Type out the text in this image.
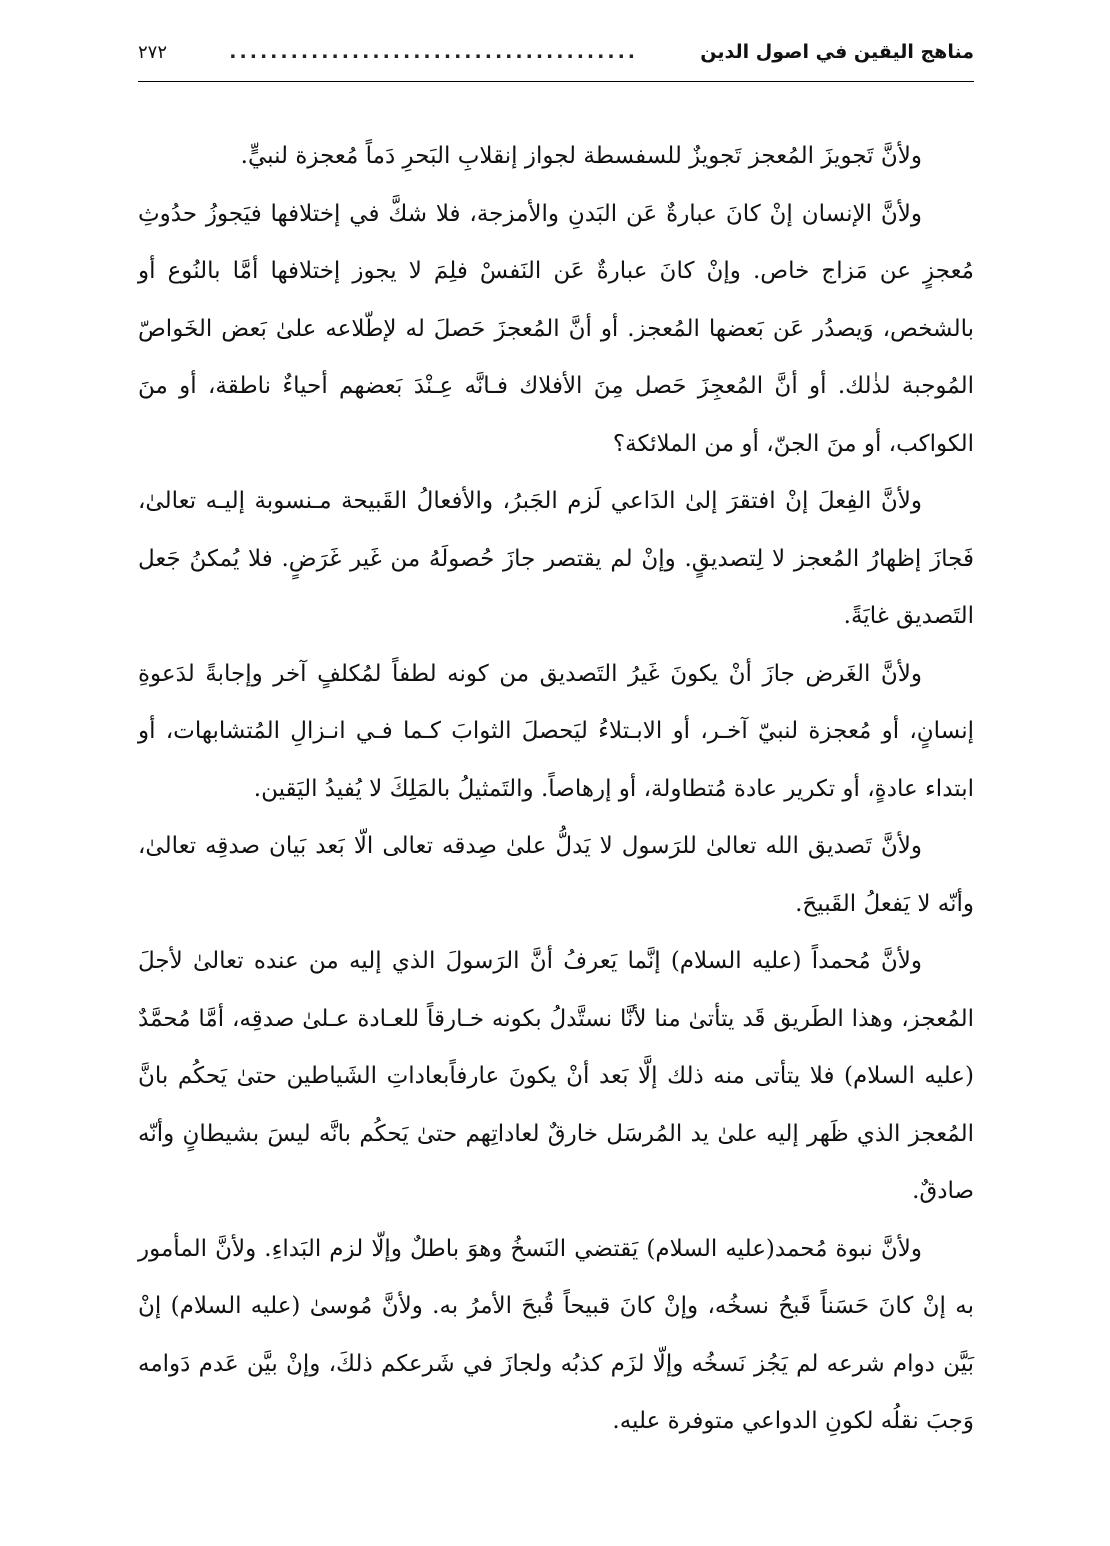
مناهج اليقين في اصول الدين
........................................
٢٧٢

ولأنَّ تَجويزَ المُعجز تَجويزٌ للسفسطة لجواز إنقلابِ البَحرِ دَماً مُعجزة لنبيٍّ.

ولأنَّ الإنسان إنْ كانَ عبارةٌ عَن البَدنِ والأمزجة، فلا شكَّ في إختلافها فيَجوزُ حدُوثِ مُعجزٍ عن مَزاج خاص. وإنْ كانَ عبارةٌ عَن النَفسْ فلِمَ لا يجوز إختلافها أمَّا بالنُوع أو بالشخص، وَيصدُر عَن بَعضها المُعجز. أو أنَّ المُعجزَ حَصلَ له لإطّلاعه علىٰ بَعض الخَواصّ المُوجبة لذٰلك. أو أنَّ المُعجِزَ حَصل مِنَ الأفلاك فـانَّه عِـنْدَ بَعضهم أحياءٌ ناطقة، أو منَ الكواكب، أو منَ الجنّ، أو من الملائكة؟

ولأنَّ الفِعلَ إنْ افتقرَ إلىٰ الدَاعي لَزم الجَبرُ، والأفعالُ القَبيحة مـنسوبة إليـه تعالىٰ، فَجازَ إظهارُ المُعجز لا لِتصديقٍ. وإنْ لم يقتصر جازَ حُصولَهُ من غَير غَرَضٍ. فلا يُمكنُ جَعل التَصديق غايَةً.

ولأنَّ الغَرض جازَ أنْ يكونَ غَيرُ التَصديق من كونه لطفاً لمُكلفٍ آخر وإجابةً لدَعوةِ إنسانٍ، أو مُعجزة لنبيّ آخـر، أو الابـتلاءُ ليَحصلَ الثوابَ كـما فـي انـزالِ المُتشابهات، أو ابتداء عادةٍ، أو تكرير عادة مُتطاولة، أو إرهاصاً. والتَمثيلُ بالمَلِكَ لا يُفيدُ اليَقين.

ولأنَّ تَصديق الله تعالىٰ للرَسول لا يَدلُّ علىٰ صِدقه تعالى الّا بَعد بَيان صدقِه تعالىٰ، وأنّه لا يَفعلُ القَبيحَ.

ولأنَّ مُحمداً (عليه السلام) إنَّما يَعرفُ أنَّ الرَسولَ الذي إليه من عنده تعالىٰ لأجلَ المُعجز، وهذا الطَريق قَد يتأتىٰ منا لأنَّا نستَّدلُ بكونه خـارقاً للعـادة عـلىٰ صدقِه، أمَّا مُحمَّدٌ (عليه السلام) فلا يتأتى منه ذلك إلَّا بَعد أنْ يكونَ عارفاًبعاداتِ الشَياطين حتىٰ يَحكُم بانَّ المُعجز الذي ظَهر إليه علىٰ يد المُرسَل خارقٌ لعاداتِهم حتىٰ يَحكُم بانَّه ليسَ بشيطانٍ وأنّه صادقٌ.

ولأنَّ نبوة مُحمد(عليه السلام) يَقتضي النَسخُ وهوَ باطلٌ وإلّا لزم البَداءِ. ولأنَّ المأمور به إنْ كانَ حَسَناً قَبحُ نسخُه، وإنْ كانَ قبيحاً قُبحَ الأمرُ به. ولأنَّ مُوسىٰ (عليه السلام) إنْ بَيَّن دوام شرعه لم يَجُز نَسخُه وإلّا لزَم كذبُه ولجازَ في شَرعكم ذلكَ، وإنْ بيَّن عَدم دَوامه وَجبَ نقلُه لكونِ الدواعي متوفرة عليه.
